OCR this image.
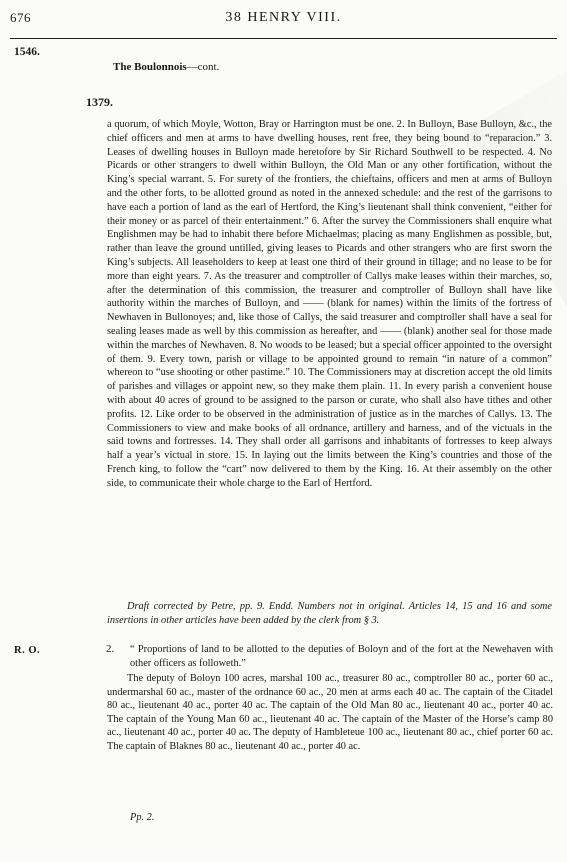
676	38 HENRY VIII.
1546.
The Boulonnois—cont.
1379.
a quorum, of which Moyle, Wotton, Bray or Harrington must be one. 2. In Bulloyn, Base Bulloyn, &c., the chief officers and men at arms to have dwelling houses, rent free, they being bound to “reparacion.” 3. Leases of dwelling houses in Bulloyn made heretofore by Sir Richard Southwell to be respected. 4. No Picards or other strangers to dwell within Bulloyn, the Old Man or any other fortification, without the King’s special warrant. 5. For surety of the frontiers, the chieftains, officers and men at arms of Bulloyn and the other forts, to be allotted ground as noted in the annexed schedule: and the rest of the garrisons to have each a portion of land as the earl of Hertford, the King’s lieutenant shall think convenient, “either for their money or as parcel of their entertainment.” 6. After the survey the Commissioners shall enquire what Englishmen may be had to inhabit there before Michaelmas; placing as many Englishmen as possible, but, rather than leave the ground untilled, giving leases to Picards and other strangers who are first sworn the King’s subjects. All leaseholders to keep at least one third of their ground in tillage; and no lease to be for more than eight years. 7. As the treasurer and comptroller of Callys make leases within their marches, so, after the determination of this commission, the treasurer and comptroller of Bulloyn shall have like authority within the marches of Bulloyn, and —— (blank for names) within the limits of the fortress of Newhaven in Bullonoyes; and, like those of Callys, the said treasurer and comptroller shall have a seal for sealing leases made as well by this commission as hereafter, and —— (blank) another seal for those made within the marches of Newhaven. 8. No woods to be leased; but a special officer appointed to the oversight of them. 9. Every town, parish or village to be appointed ground to remain “in nature of a common” whereon to “use shooting or other pastime.” 10. The Commissioners may at discretion accept the old limits of parishes and villages or appoint new, so they make them plain. 11. In every parish a convenient house with about 40 acres of ground to be assigned to the parson or curate, who shall also have tithes and other profits. 12. Like order to be observed in the administration of justice as in the marches of Callys. 13. The Commissioners to view and make books of all ordnance, artillery and harness, and of the victuals in the said towns and fortresses. 14. They shall order all garrisons and inhabitants of fortresses to keep always half a year’s victual in store. 15. In laying out the limits between the King’s countries and those of the French king, to follow the “cart” now delivered to them by the King. 16. At their assembly on the other side, to communicate their whole charge to the Earl of Hertford.
Draft corrected by Petre, pp. 9. Endd. Numbers not in original. Articles 14, 15 and 16 and some insertions in other articles have been added by the clerk from § 3.
R. O.	2. “ Proportions of land to be allotted to the deputies of Boloyn and of the fort at the Newehaven with other officers as followeth.”
The deputy of Boloyn 100 acres, marshal 100 ac., treasurer 80 ac., comptroller 80 ac., porter 60 ac., undermarshal 60 ac., master of the ordnance 60 ac., 20 men at arms each 40 ac. The captain of the Citadel 80 ac., lieutenant 40 ac., porter 40 ac. The captain of the Old Man 80 ac., lieutenant 40 ac., porter 40 ac. The captain of the Young Man 60 ac., lieutenant 40 ac. The captain of the Master of the Horse’s camp 80 ac., lieutenant 40 ac., porter 40 ac. The deputy of Hambleteue 100 ac., lieutenant 80 ac., chief porter 60 ac. The captain of Blaknes 80 ac., lieutenant 40 ac., porter 40 ac.
Pp. 2.
